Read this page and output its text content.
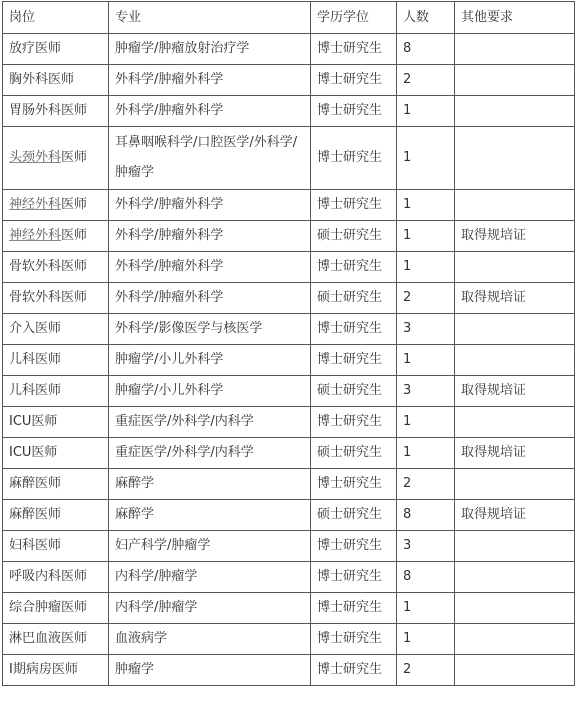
岗位	专业	学历学位	人数	其他要求
放疗医师	肿瘤学/肿瘤放射治疗学	博士研究生	8	
胸外科医师	外科学/肿瘤外科学	博士研究生	2	
胃肠外科医师	外科学/肿瘤外科学	博士研究生	1	
头颈外科医师	耳鼻咽喉科学/口腔医学/外科学/肿瘤学	博士研究生	1	
神经外科医师	外科学/肿瘤外科学	博士研究生	1	
神经外科医师	外科学/肿瘤外科学	硕士研究生	1	取得规培证
骨软外科医师	外科学/肿瘤外科学	博士研究生	1	
骨软外科医师	外科学/肿瘤外科学	硕士研究生	2	取得规培证
介入医师	外科学/影像医学与核医学	博士研究生	3	
儿科医师	肿瘤学/小儿外科学	博士研究生	1	
儿科医师	肿瘤学/小儿外科学	硕士研究生	3	取得规培证
ICU医师	重症医学/外科学/内科学	博士研究生	1	
ICU医师	重症医学/外科学/内科学	硕士研究生	1	取得规培证
麻醉医师	麻醉学	博士研究生	2	
麻醉医师	麻醉学	硕士研究生	8	取得规培证
妇科医师	妇产科学/肿瘤学	博士研究生	3	
呼吸内科医师	内科学/肿瘤学	博士研究生	8	
综合肿瘤医师	内科学/肿瘤学	博士研究生	1	
淋巴血液医师	血液病学	博士研究生	1	
Ⅰ期病房医师	肿瘤学	博士研究生	2	
